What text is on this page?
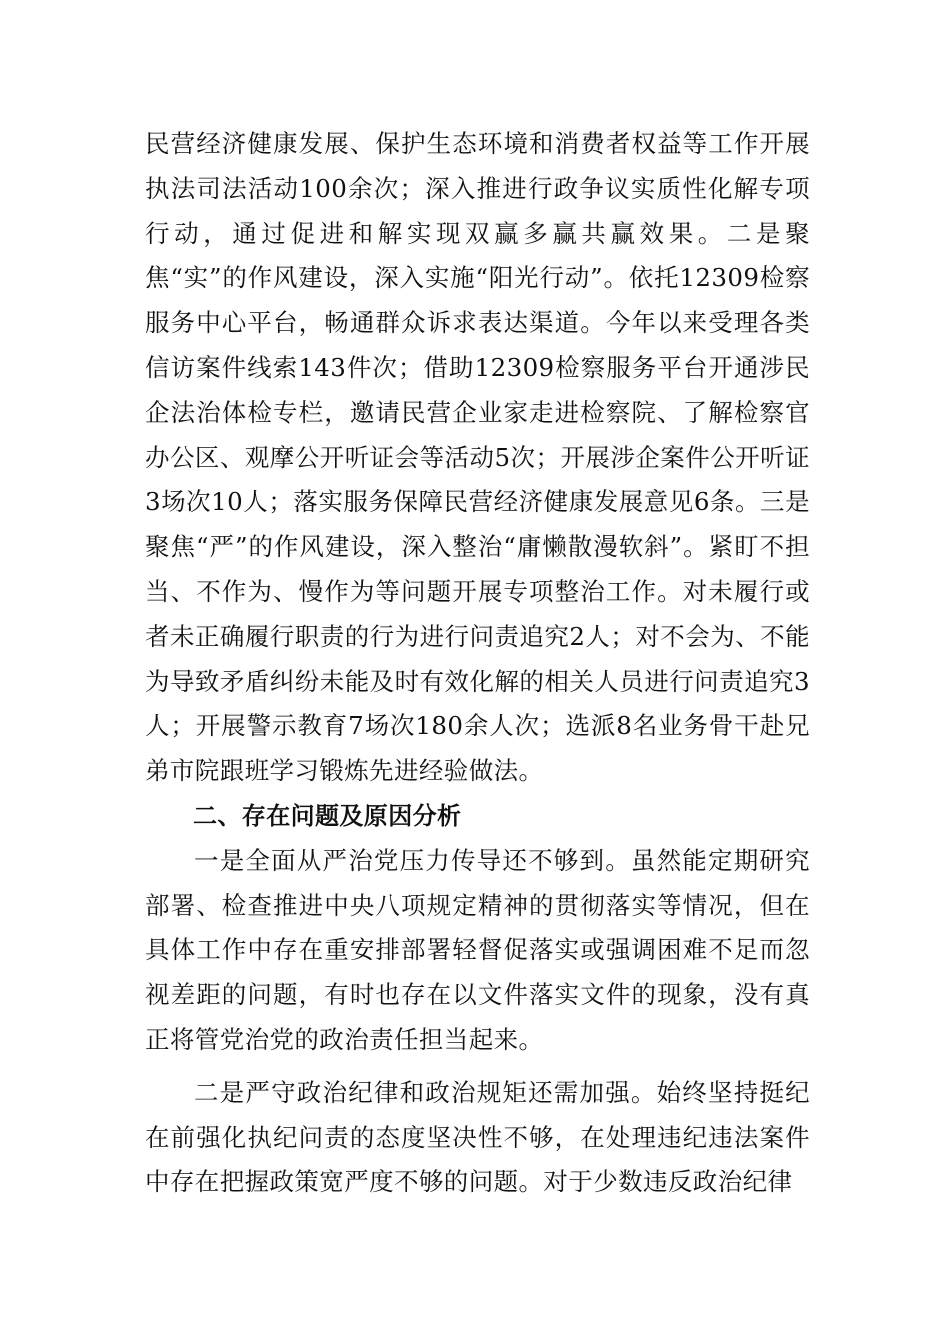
民营经济健康发展、保护生态环境和消费者权益等工作开展执法司法活动100余次；深入推进行政争议实质性化解专项行动，通过促进和解实现双赢多赢共赢效果。二是聚焦“实”的作风建设，深入实施“阳光行动”。依托12309检察服务中心平台，畅通群众诉求表达渠道。今年以来受理各类信访案件线索143件次；借助12309检察服务平台开通涉民企法治体检专栏，邀请民营企业家走进检察院、了解检察官办公区、观摩公开听证会等活动5次；开展涉企案件公开听证3场次10人；落实服务保障民营经济健康发展意见6条。三是聚焦“严”的作风建设，深入整治“庸懒散漫软斜”。紧盯不担当、不作为、慢作为等问题开展专项整治工作。对未履行或者未正确履行职责的行为进行问责追究2人；对不会为、不能为导致矛盾纠纷未能及时有效化解的相关人员进行问责追究3人；开展警示教育7场次180余人次；选派8名业务骨干赴兄弟市院跟班学习锻炼先进经验做法。

二、存在问题及原因分析

一是全面从严治党压力传导还不够到。虽然能定期研究部署、检查推进中央八项规定精神的贯彻落实等情况，但在具体工作中存在重安排部署轻督促落实或强调困难不足而忽视差距的问题，有时也存在以文件落实文件的现象，没有真正将管党治党的政治责任担当起来。

二是严守政治纪律和政治规矩还需加强。始终坚持挺纪在前强化执纪问责的态度坚决性不够，在处理违纪违法案件中存在把握政策宽严度不够的问题。对于少数违反政治纪律
